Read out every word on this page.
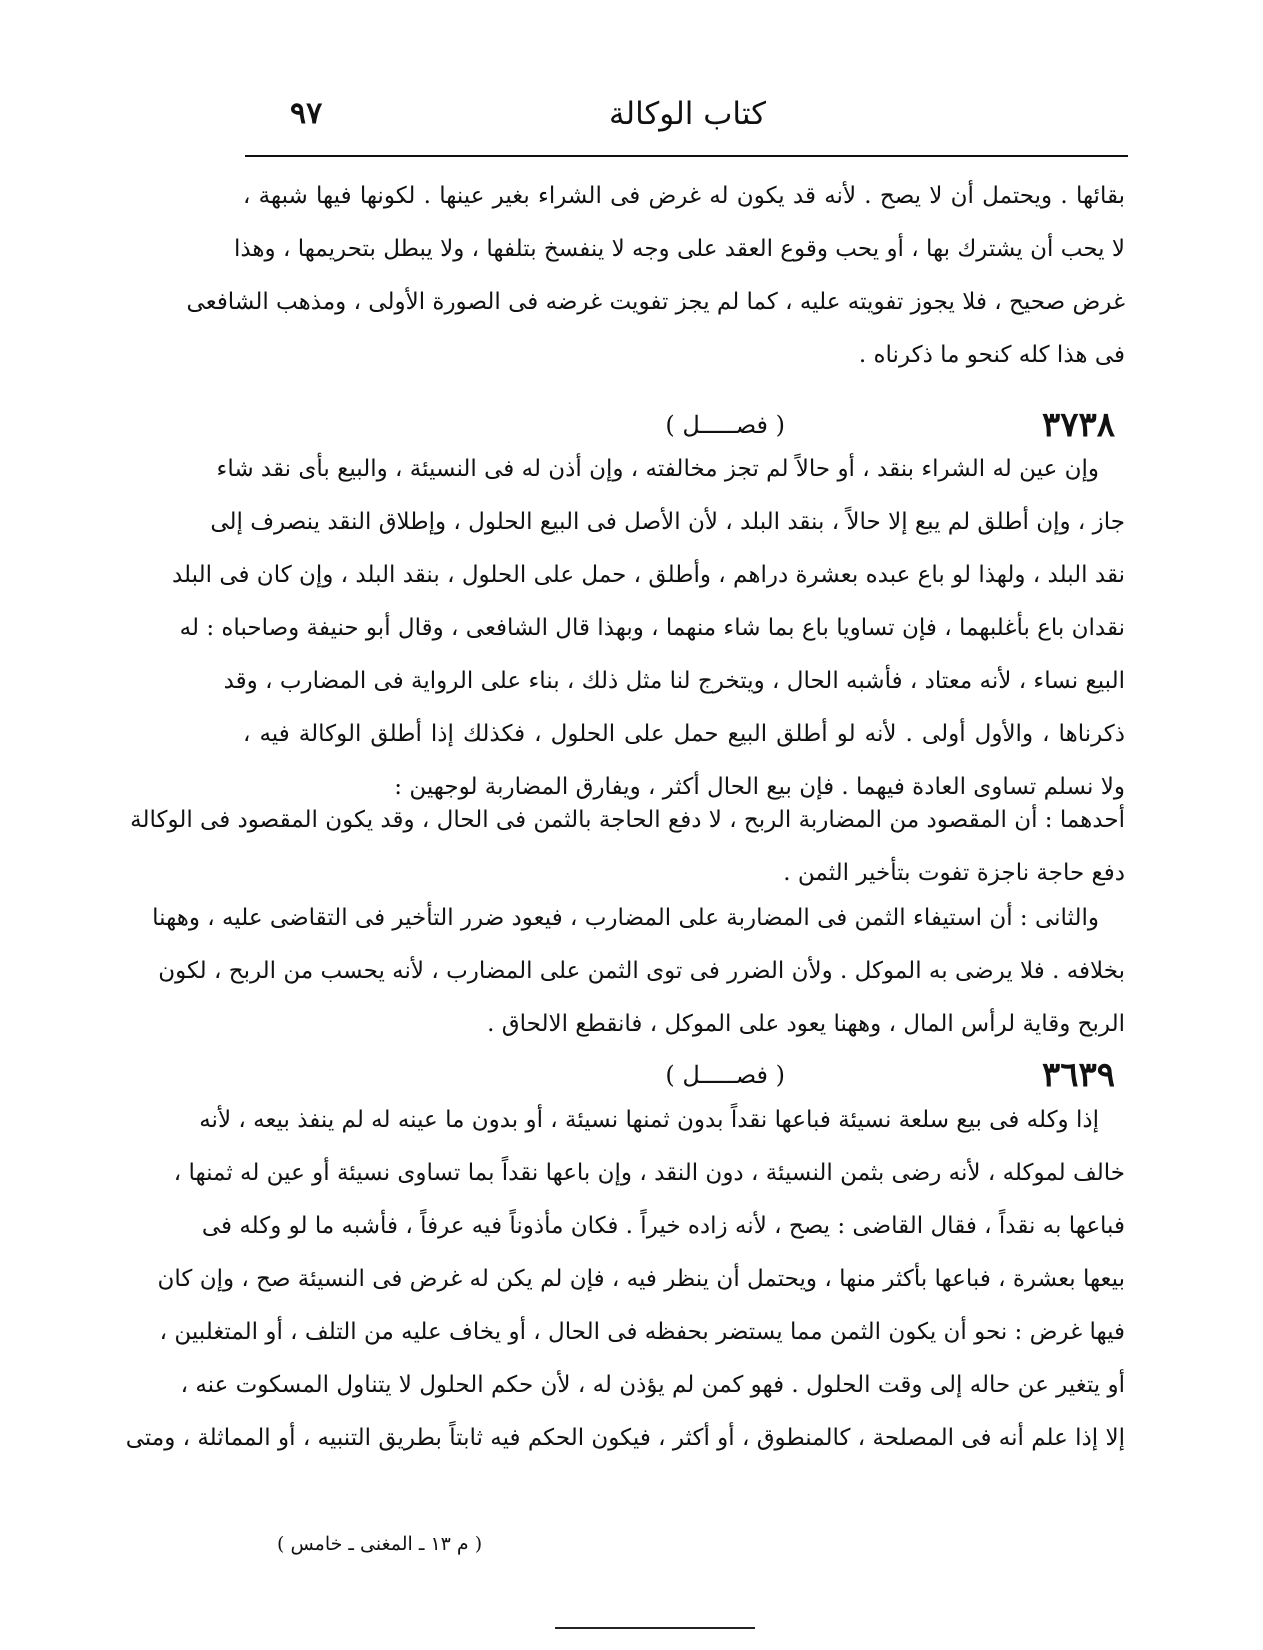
٩٧	كتاب الوكالة
بقائها . ويحتمل أن لا يصح . لأنه قد يكون له غرض فى الشراء بغير عينها . لكونها فيها شبهة ،
لا يحب أن يشترك بها ، أو يحب وقوع العقد على وجه لا ينفسخ بتلفها ، ولا يبطل بتحريمها ، وهذا
غرض صحيح ، فلا يجوز تفويته عليه ، كما لم يجز تفويت غرضه فى الصورة الأولى ، ومذهب الشافعى
فى هذا كله كنحو ما ذكرناه .
٣٧٣٨
( فصـــــل )
وإن عين له الشراء بنقد ، أو حالاً لم تجز مخالفته ، وإن أذن له فى النسيئة ، والبيع بأى نقد شاء
جاز ، وإن أطلق لم يبع إلا حالاً ، بنقد البلد ، لأن الأصل فى البيع الحلول ، وإطلاق النقد ينصرف إلى
نقد البلد ، ولهذا لو باع عبده بعشرة دراهم ، وأطلق ، حمل على الحلول ، بنقد البلد ، وإن كان فى البلد
نقدان باع بأغلبهما ، فإن تساويا باع بما شاء منهما ، وبهذا قال الشافعى ، وقال أبو حنيفة وصاحباه : له
البيع نساء ، لأنه معتاد ، فأشبه الحال ، ويتخرج لنا مثل ذلك ، بناء على الرواية فى المضارب ، وقد
ذكرناها ، والأول أولى . لأنه لو أطلق البيع حمل على الحلول ، فكذلك إذا أطلق الوكالة فيه ،
ولا نسلم تساوى العادة فيهما . فإن بيع الحال أكثر ، ويفارق المضاربة لوجهين :
أحدهما : أن المقصود من المضاربة الربح ، لا دفع الحاجة بالثمن فى الحال ، وقد يكون المقصود فى الوكالة
دفع حاجة ناجزة تفوت بتأخير الثمن .
والثانى : أن استيفاء الثمن فى المضاربة على المضارب ، فيعود ضرر التأخير فى التقاضى عليه ، وههنا
بخلافه . فلا يرضى به الموكل . ولأن الضرر فى توى الثمن على المضارب ، لأنه يحسب من الربح ، لكون
الربح وقاية لرأس المال ، وههنا يعود على الموكل ، فانقطع الالحاق .
٣٦٣٩
( فصـــــل )
إذا وكله فى بيع سلعة نسيئة فباعها نقداً بدون ثمنها نسيئة ، أو بدون ما عينه له لم ينفذ بيعه ، لأنه
خالف لموكله ، لأنه رضى بثمن النسيئة ، دون النقد ، وإن باعها نقداً بما تساوى نسيئة أو عين له ثمنها ،
فباعها به نقداً ، فقال القاضى : يصح ، لأنه زاده خيراً . فكان مأذوناً فيه عرفاً ، فأشبه ما لو وكله فى
بيعها بعشرة ، فباعها بأكثر منها ، ويحتمل أن ينظر فيه ، فإن لم يكن له غرض فى النسيئة صح ، وإن كان
فيها غرض : نحو أن يكون الثمن مما يستضر بحفظه فى الحال ، أو يخاف عليه من التلف ، أو المتغلبين ،
أو يتغير عن حاله إلى وقت الحلول . فهو كمن لم يؤذن له ، لأن حكم الحلول لا يتناول المسكوت عنه ،
إلا إذا علم أنه فى المصلحة ، كالمنطوق ، أو أكثر ، فيكون الحكم فيه ثابتاً بطريق التنبيه ، أو المماثلة ، ومتى
( م ١٣ ـ المغنى ـ خامس )
